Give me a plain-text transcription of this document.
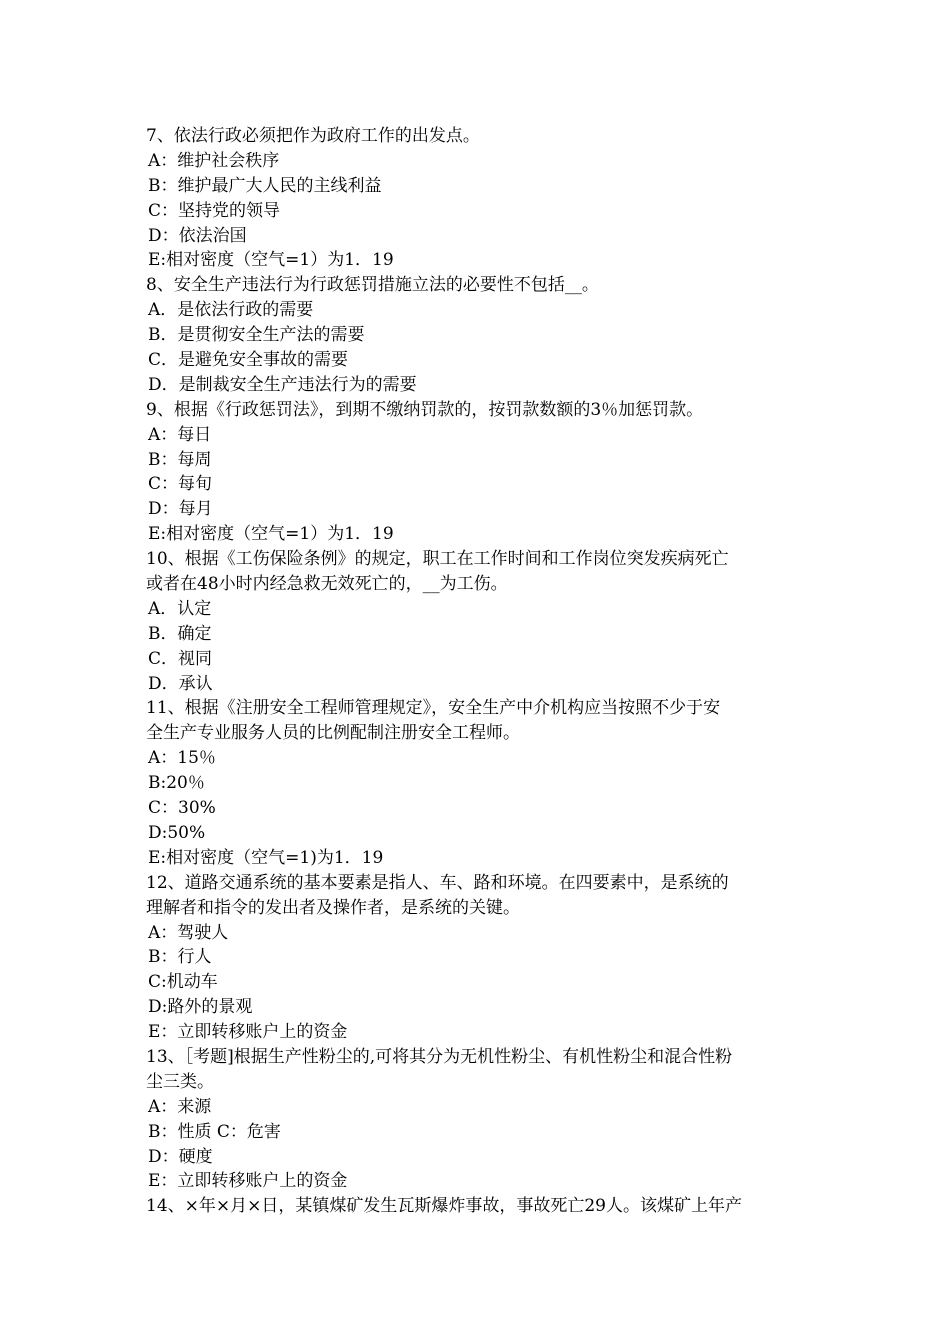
7、依法行政必须把作为政府工作的出发点。
A：维护社会秩序
B：维护最广大人民的主线利益
C：坚持党的领导
D：依法治国
E:相对密度（空气=1）为1．19
8、安全生产违法行为行政惩罚措施立法的必要性不包括__。
A．是依法行政的需要
B．是贯彻安全生产法的需要
C．是避免安全事故的需要
D．是制裁安全生产违法行为的需要
9、根据《行政惩罚法》，到期不缴纳罚款的，按罚款数额的3％加惩罚款。
A：每日
B：每周
C：每旬
D：每月
E:相对密度（空气=1）为1．19
10、根据《工伤保险条例》的规定，职工在工作时间和工作岗位突发疾病死亡
或者在48小时内经急救无效死亡的，__为工伤。
A．认定
B．确定
C．视同
D．承认
11、根据《注册安全工程师管理规定》，安全生产中介机构应当按照不少于安
全生产专业服务人员的比例配制注册安全工程师。
A：15％
B:20％
C：30%
D:50%
E:相对密度（空气=1)为1．19
12、道路交通系统的基本要素是指人、车、路和环境。在四要素中，是系统的
理解者和指令的发出者及操作者，是系统的关键。
A：驾驶人
B：行人
C:机动车
D:路外的景观
E：立即转移账户上的资金
13、［考题]根据生产性粉尘的,可将其分为无机性粉尘、有机性粉尘和混合性粉
尘三类。
A：来源
B：性质 C：危害
D：硬度
E：立即转移账户上的资金
14、×年×月×日，某镇煤矿发生瓦斯爆炸事故，事故死亡29人。该煤矿上年产
